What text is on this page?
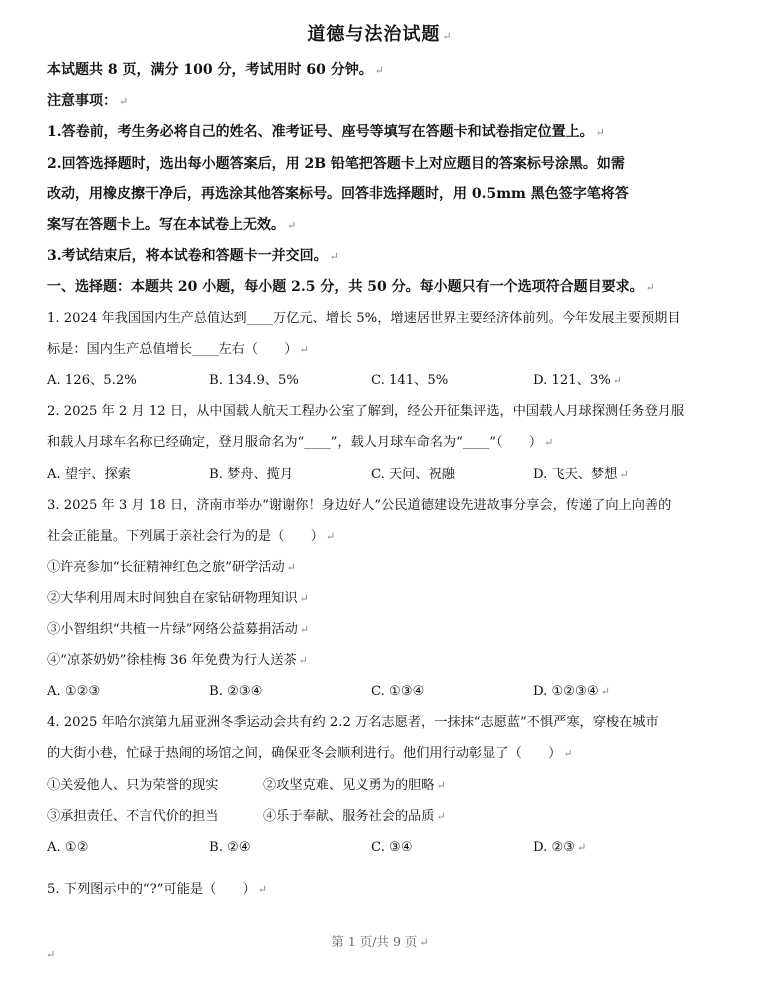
道德与法治试题 ↵
本试题共 8 页，满分 100 分，考试用时 60 分钟。 ↵
注意事项： ↵
1.答卷前，考生务必将自己的姓名、准考证号、座号等填写在答题卡和试卷指定位置上。 ↵
2.回答选择题时，选出每小题答案后，用 2B 铅笔把答题卡上对应题目的答案标号涂黑。如需
改动，用橡皮擦干净后，再选涂其他答案标号。回答非选择题时，用 0.5mm 黑色签字笔将答
案写在答题卡上。写在本试卷上无效。 ↵
3.考试结束后，将本试卷和答题卡一并交回。 ↵
一、选择题：本题共 20 小题，每小题 2.5 分，共 50 分。每小题只有一个选项符合题目要求。 ↵
1. 2024 年我国国内生产总值达到____万亿元、增长 5%，增速居世界主要经济体前列。今年发展主要预期目
标是：国内生产总值增长____左右（　　） ↵
A. 126、5.2%	B. 134.9、5%	C. 141、5%	D. 121、3% ↵
2. 2025 年 2 月 12 日，从中国载人航天工程办公室了解到，经公开征集评选，中国载人月球探测任务登月服
和载人月球车名称已经确定，登月服命名为“____”，载人月球车命名为“____”（　　） ↵
A. 望宇、探索	B. 梦舟、揽月	C. 天问、祝融	D. 飞天、梦想 ↵
3. 2025 年 3 月 18 日，济南市举办“谢谢你！身边好人”公民道德建设先进故事分享会，传递了向上向善的
社会正能量。下列属于亲社会行为的是（　　） ↵
①许亮参加“长征精神红色之旅”研学活动 ↵
②大华利用周末时间独自在家钻研物理知识 ↵
③小智组织“共植一片绿”网络公益募捐活动 ↵
④“凉茶奶奶”徐桂梅 36 年免费为行人送茶 ↵
A. ①②③	B. ②③④	C. ①③④	D. ①②③④ ↵
4. 2025 年哈尔滨第九届亚洲冬季运动会共有约 2.2 万名志愿者，一抹抹“志愿蓝”不惧严寒，穿梭在城市
的大街小巷，忙碌于热闹的场馆之间，确保亚冬会顺利进行。他们用行动彰显了（　　） ↵
①关爱他人、只为荣誉的现实	②攻坚克难、见义勇为的胆略 ↵
③承担责任、不言代价的担当	④乐于奉献、服务社会的品质 ↵
A. ①②	B. ②④	C. ③④	D. ②③ ↵
5. 下列图示中的“?”可能是（　　） ↵
第 1 页/共 9 页 ↵
↵
